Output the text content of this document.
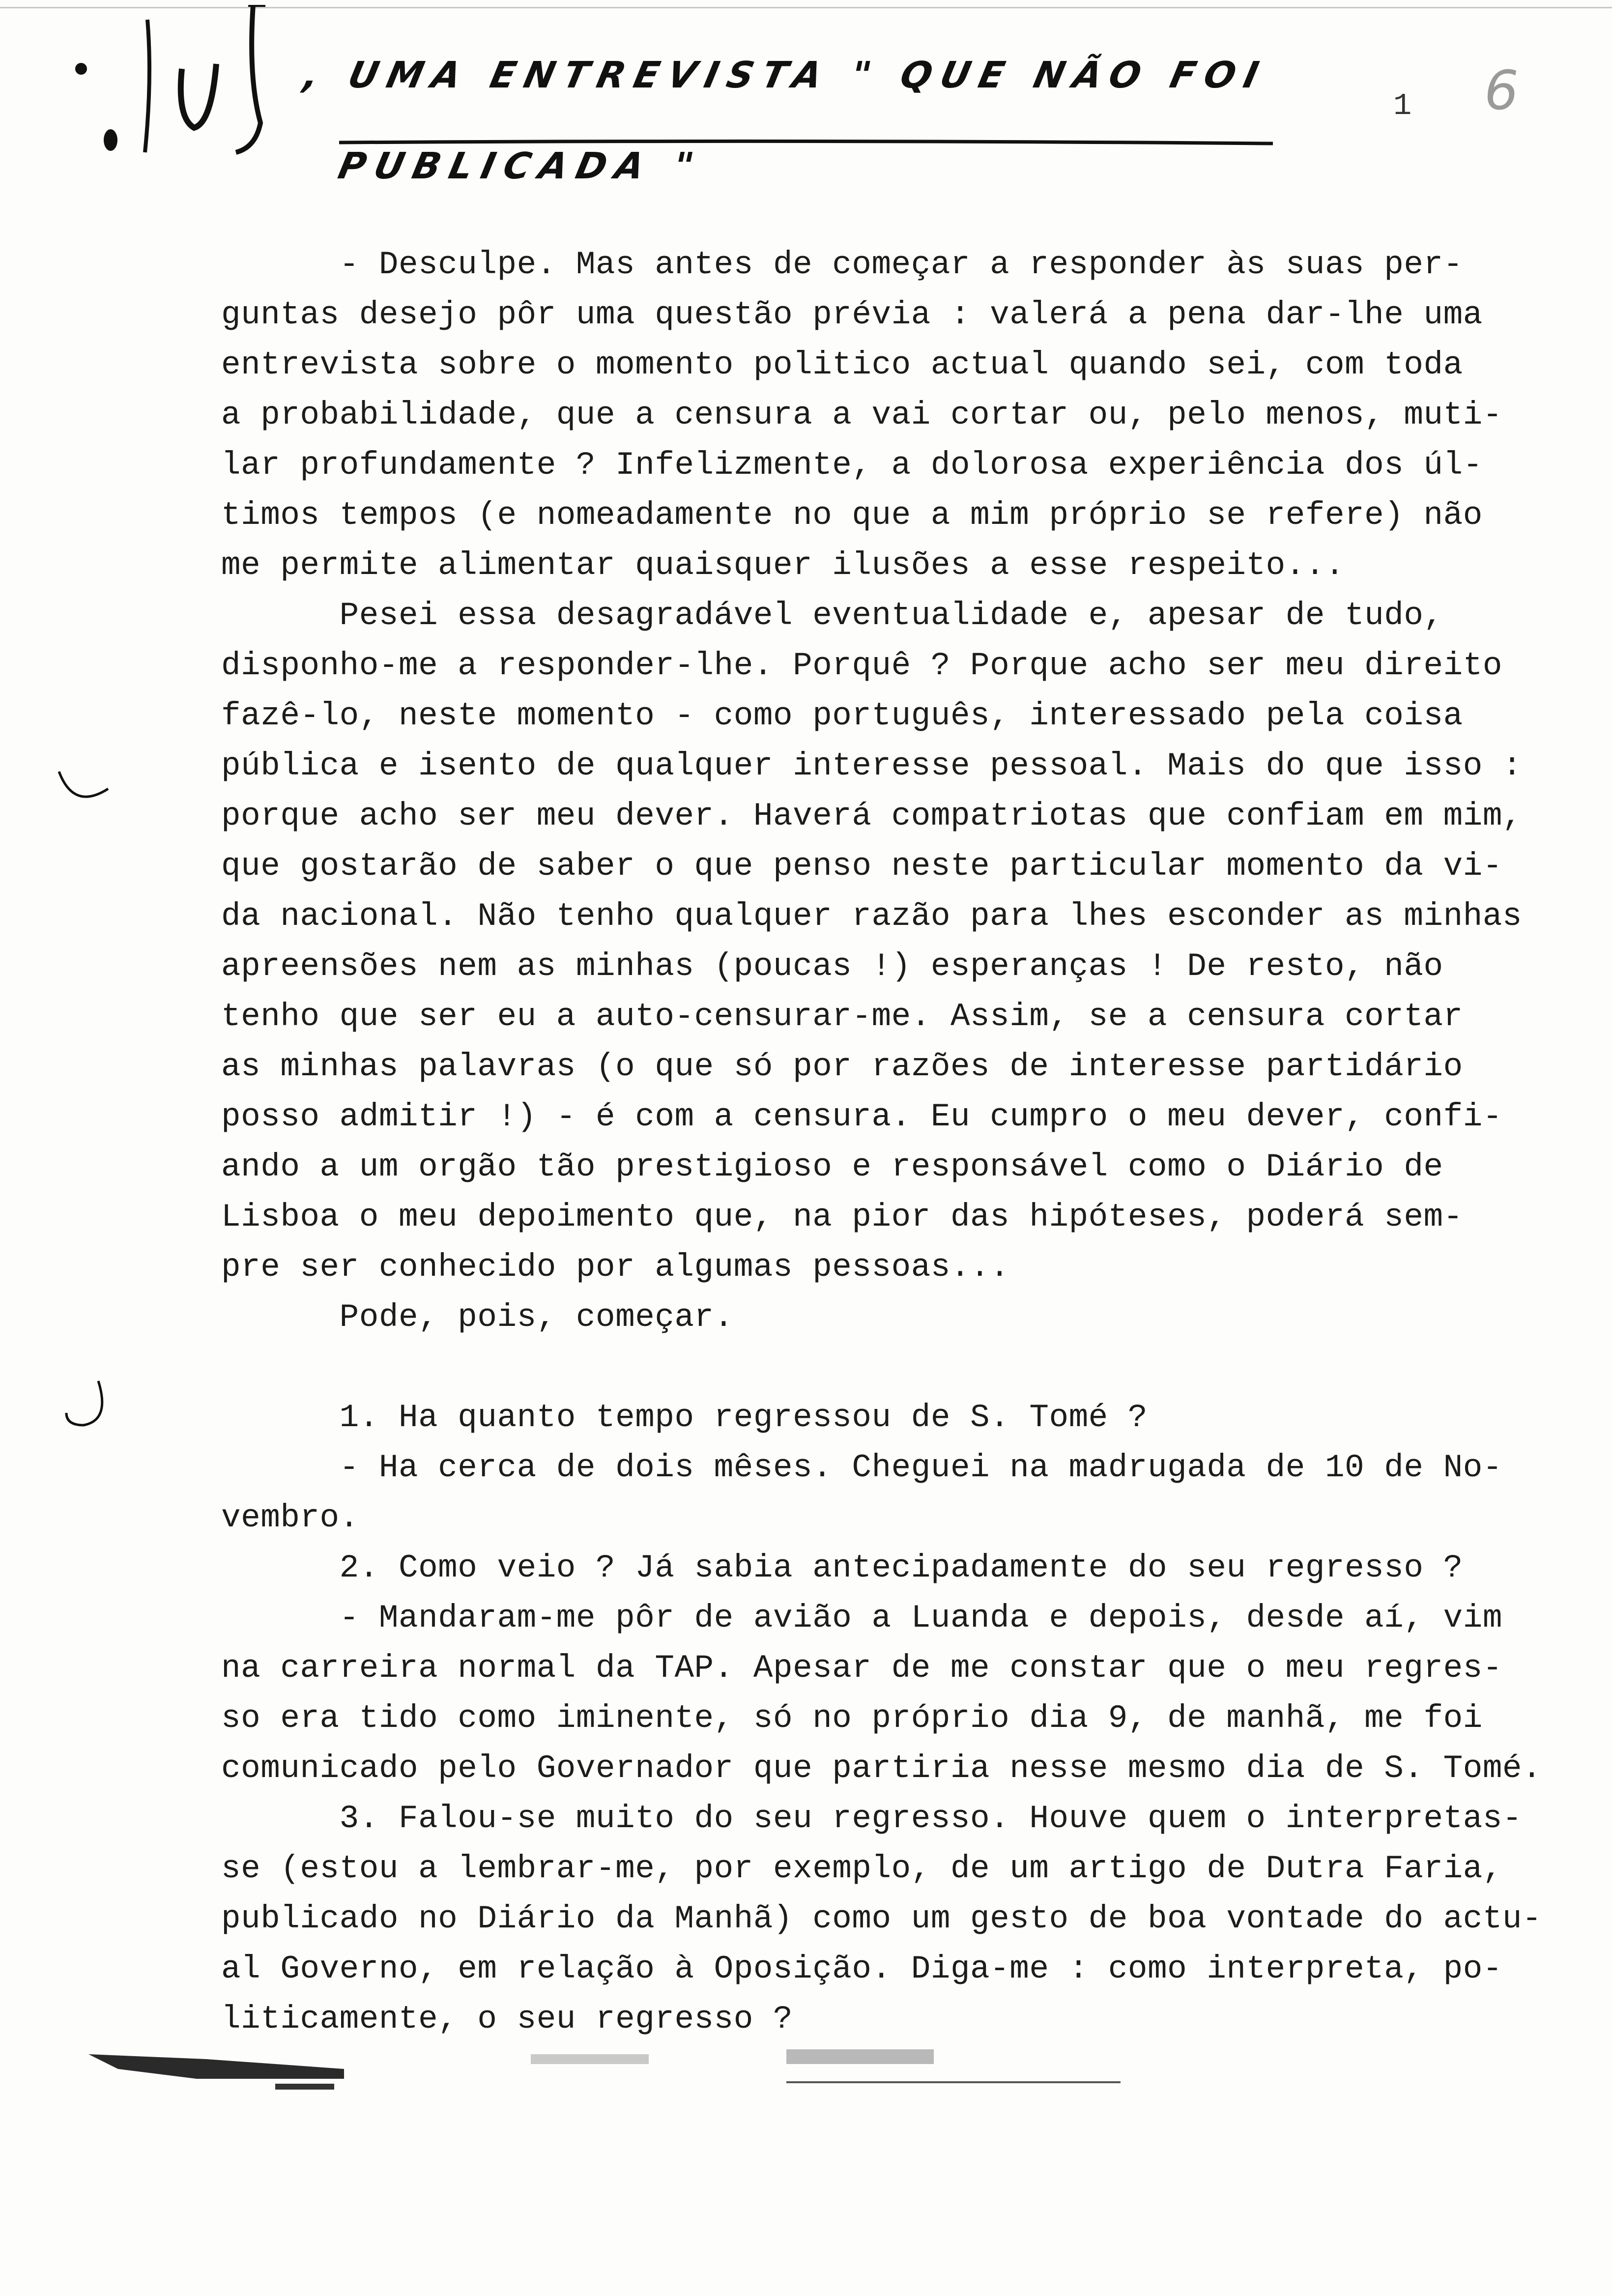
, UMA ENTREVISTA " QUE NÃO FOI
PUBLICADA "
1 6
- Desculpe. Mas antes de começar a responder às suas per-
guntas desejo pôr uma questão prévia : valerá a pena dar-lhe uma
entrevista sobre o momento politico actual quando sei, com toda
a probabilidade, que a censura a vai cortar ou, pelo menos, muti-
lar profundamente ? Infelizmente, a dolorosa experiência dos úl-
timos tempos (e nomeadamente no que a mim próprio se refere) não
me permite alimentar quaisquer ilusões a esse respeito...
Pesei essa desagradável eventualidade e, apesar de tudo,
disponho-me a responder-lhe. Porquê ? Porque acho ser meu direito
fazê-lo, neste momento - como português, interessado pela coisa
pública e isento de qualquer interesse pessoal. Mais do que isso :
porque acho ser meu dever. Haverá compatriotas que confiam em mim,
que gostarão de saber o que penso neste particular momento da vi-
da nacional. Não tenho qualquer razão para lhes esconder as minhas
apreensões nem as minhas (poucas !) esperanças ! De resto, não
tenho que ser eu a auto-censurar-me. Assim, se a censura cortar
as minhas palavras (o que só por razões de interesse partidário
posso admitir !) - é com a censura. Eu cumpro o meu dever, confi-
ando a um orgão tão prestigioso e responsável como o Diário de
Lisboa o meu depoimento que, na pior das hipóteses, poderá sem-
pre ser conhecido por algumas pessoas...
Pode, pois, começar.
1. Ha quanto tempo regressou de S. Tomé ?
- Ha cerca de dois mêses. Cheguei na madrugada de 10 de No-
vembro.
2. Como veio ? Já sabia antecipadamente do seu regresso ?
- Mandaram-me pôr de avião a Luanda e depois, desde aí, vim
na carreira normal da TAP. Apesar de me constar que o meu regres-
so era tido como iminente, só no próprio dia 9, de manhã, me foi
comunicado pelo Governador que partiria nesse mesmo dia de S. Tomé.
3. Falou-se muito do seu regresso. Houve quem o interpretas-
se (estou a lembrar-me, por exemplo, de um artigo de Dutra Faria,
publicado no Diário da Manhã) como um gesto de boa vontade do actu-
al Governo, em relação à Oposição. Diga-me : como interpreta, po-
liticamente, o seu regresso ?
